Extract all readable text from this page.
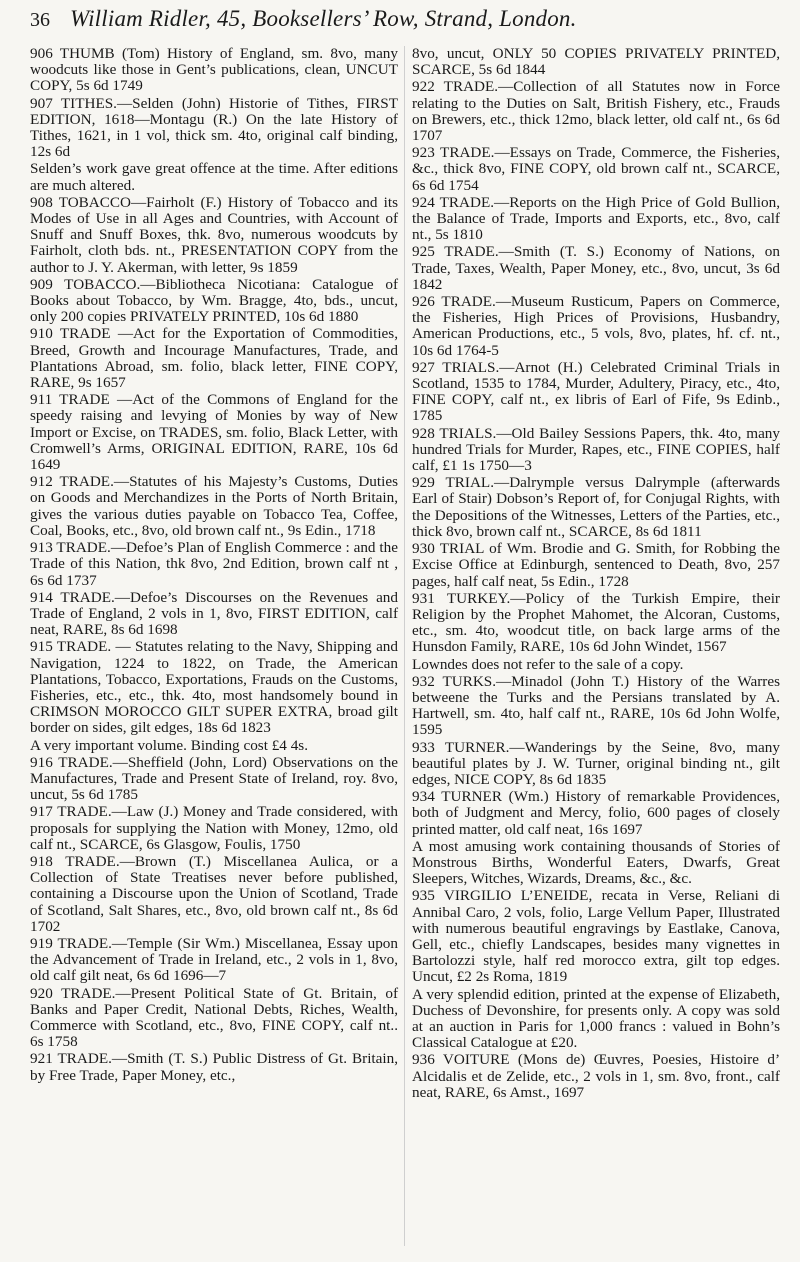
36 William Ridler, 45, Booksellers’ Row, Strand, London.

906 THUMB (Tom) History of England, sm. 8vo, many woodcuts like those in Gent’s publications, clean, UNCUT COPY, 5s 6d 1749

907 TITHES.—Selden (John) Historie of Tithes, FIRST EDITION, 1618—Montagu (R.) On the late History of Tithes, 1621, in 1 vol, thick sm. 4to, original calf binding, 12s 6d

Selden’s work gave great offence at the time. After editions are much altered.

908 TOBACCO—Fairholt (F.) History of Tobacco and its Modes of Use in all Ages and Countries, with Account of Snuff and Snuff Boxes, thk. 8vo, numerous woodcuts by Fairholt, cloth bds. nt., PRESENTATION COPY from the author to J. Y. Akerman, with letter, 9s 1859

909 TOBACCO.—Bibliotheca Nicotiana: Catalogue of Books about Tobacco, by Wm. Bragge, 4to, bds., uncut, only 200 copies PRIVATELY PRINTED, 10s 6d 1880

910 TRADE —Act for the Exportation of Commodities, Breed, Growth and Incourage Manufactures, Trade, and Plantations Abroad, sm. folio, black letter, FINE COPY, RARE, 9s 1657

911 TRADE —Act of the Commons of England for the speedy raising and levying of Monies by way of New Import or Excise, on TRADES, sm. folio, Black Letter, with Cromwell’s Arms, ORIGINAL EDITION, RARE, 10s 6d 1649

912 TRADE.—Statutes of his Majesty’s Customs, Duties on Goods and Merchandizes in the Ports of North Britain, gives the various duties payable on Tobacco Tea, Coffee, Coal, Books, etc., 8vo, old brown calf nt., 9s Edin., 1718

913 TRADE.—Defoe’s Plan of English Commerce : and the Trade of this Nation, thk 8vo, 2nd Edition, brown calf nt , 6s 6d 1737

914 TRADE.—Defoe’s Discourses on the Revenues and Trade of England, 2 vols in 1, 8vo, FIRST EDITION, calf neat, RARE, 8s 6d 1698

915 TRADE. — Statutes relating to the Navy, Shipping and Navigation, 1224 to 1822, on Trade, the American Plantations, Tobacco, Exportations, Frauds on the Customs, Fisheries, etc., etc., thk. 4to, most handsomely bound in CRIMSON MOROCCO GILT SUPER EXTRA, broad gilt border on sides, gilt edges, 18s 6d 1823

A very important volume. Binding cost £4 4s.

916 TRADE.—Sheffield (John, Lord) Observations on the Manufactures, Trade and Present State of Ireland, roy. 8vo, uncut, 5s 6d 1785

917 TRADE.—Law (J.) Money and Trade considered, with proposals for supplying the Nation with Money, 12mo, old calf nt., SCARCE, 6s Glasgow, Foulis, 1750

918 TRADE.—Brown (T.) Miscellanea Aulica, or a Collection of State Treatises never before published, containing a Discourse upon the Union of Scotland, Trade of Scotland, Salt Shares, etc., 8vo, old brown calf nt., 8s 6d 1702

919 TRADE.—Temple (Sir Wm.) Miscellanea, Essay upon the Advancement of Trade in Ireland, etc., 2 vols in 1, 8vo, old calf gilt neat, 6s 6d 1696—7

920 TRADE.—Present Political State of Gt. Britain, of Banks and Paper Credit, National Debts, Riches, Wealth, Commerce with Scotland, etc., 8vo, FINE COPY, calf nt.. 6s 1758

921 TRADE.—Smith (T. S.) Public Distress of Gt. Britain, by Free Trade, Paper Money, etc.,

8vo, uncut, ONLY 50 COPIES PRIVATELY PRINTED, SCARCE, 5s 6d 1844

922 TRADE.—Collection of all Statutes now in Force relating to the Duties on Salt, British Fishery, etc., Frauds on Brewers, etc., thick 12mo, black letter, old calf nt., 6s 6d 1707

923 TRADE.—Essays on Trade, Commerce, the Fisheries, &c., thick 8vo, FINE COPY, old brown calf nt., SCARCE, 6s 6d 1754

924 TRADE.—Reports on the High Price of Gold Bullion, the Balance of Trade, Imports and Exports, etc., 8vo, calf nt., 5s 1810

925 TRADE.—Smith (T. S.) Economy of Nations, on Trade, Taxes, Wealth, Paper Money, etc., 8vo, uncut, 3s 6d 1842

926 TRADE.—Museum Rusticum, Papers on Commerce, the Fisheries, High Prices of Provisions, Husbandry, American Productions, etc., 5 vols, 8vo, plates, hf. cf. nt., 10s 6d 1764-5

927 TRIALS.—Arnot (H.) Celebrated Criminal Trials in Scotland, 1535 to 1784, Murder, Adultery, Piracy, etc., 4to, FINE COPY, calf nt., ex libris of Earl of Fife, 9s Edinb., 1785

928 TRIALS.—Old Bailey Sessions Papers, thk. 4to, many hundred Trials for Murder, Rapes, etc., FINE COPIES, half calf, £1 1s 1750—3

929 TRIAL.—Dalrymple versus Dalrymple (afterwards Earl of Stair) Dobson’s Report of, for Conjugal Rights, with the Depositions of the Witnesses, Letters of the Parties, etc., thick 8vo, brown calf nt., SCARCE, 8s 6d 1811

930 TRIAL of Wm. Brodie and G. Smith, for Robbing the Excise Office at Edinburgh, sentenced to Death, 8vo, 257 pages, half calf neat, 5s Edin., 1728

931 TURKEY.—Policy of the Turkish Empire, their Religion by the Prophet Mahomet, the Alcoran, Customs, etc., sm. 4to, woodcut title, on back large arms of the Hunsdon Family, RARE, 10s 6d John Windet, 1567

Lowndes does not refer to the sale of a copy.

932 TURKS.—Minadol (John T.) History of the Warres betweene the Turks and the Persians translated by A. Hartwell, sm. 4to, half calf nt., RARE, 10s 6d John Wolfe, 1595

933 TURNER.—Wanderings by the Seine, 8vo, many beautiful plates by J. W. Turner, original binding nt., gilt edges, NICE COPY, 8s 6d 1835

934 TURNER (Wm.) History of remarkable Providences, both of Judgment and Mercy, folio, 600 pages of closely printed matter, old calf neat, 16s 1697

A most amusing work containing thousands of Stories of Monstrous Births, Wonderful Eaters, Dwarfs, Great Sleepers, Witches, Wizards, Dreams, &c., &c.

935 VIRGILIO L’ENEIDE, recata in Verse, Reliani di Annibal Caro, 2 vols, folio, Large Vellum Paper, Illustrated with numerous beautiful engravings by Eastlake, Canova, Gell, etc., chiefly Landscapes, besides many vignettes in Bartolozzi style, half red morocco extra, gilt top edges. Uncut, £2 2s Roma, 1819

A very splendid edition, printed at the expense of Elizabeth, Duchess of Devonshire, for presents only. A copy was sold at an auction in Paris for 1,000 francs : valued in Bohn’s Classical Catalogue at £20.

936 VOITURE (Mons de) Œuvres, Poesies, Histoire d’ Alcidalis et de Zelide, etc., 2 vols in 1, sm. 8vo, front., calf neat, RARE, 6s Amst., 1697
